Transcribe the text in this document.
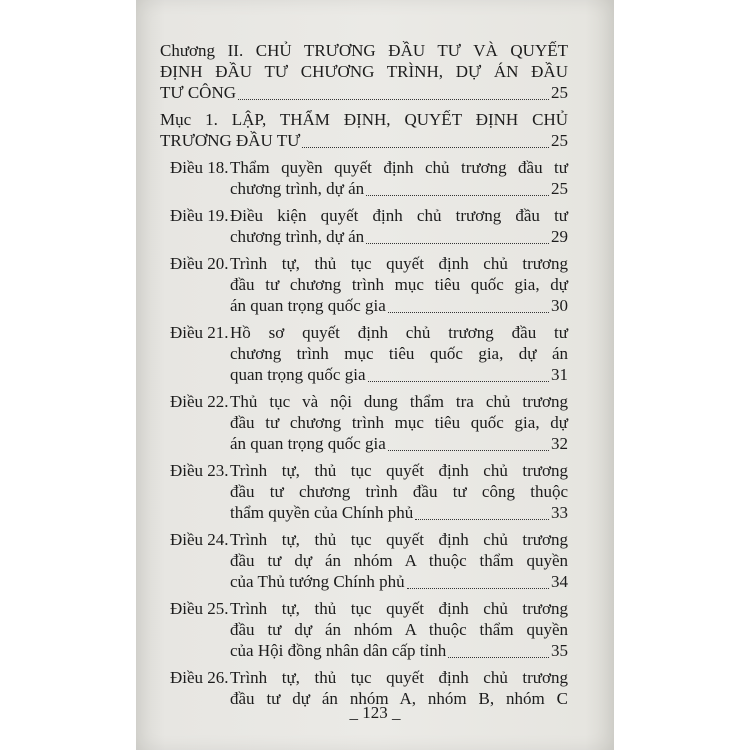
Chương II. CHỦ TRƯƠNG ĐẦU TƯ VÀ QUYẾT
ĐỊNH ĐẦU TƯ CHƯƠNG TRÌNH, DỰ ÁN ĐẦU
TƯ CÔNG	25
Mục 1. LẬP, THẨM ĐỊNH, QUYẾT ĐỊNH CHỦ
TRƯƠNG ĐẦU TƯ	25
Điều 18. Thẩm quyền quyết định chủ trương đầu tư
chương trình, dự án	25
Điều 19. Điều kiện quyết định chủ trương đầu tư
chương trình, dự án	29
Điều 20. Trình tự, thủ tục quyết định chủ trương
đầu tư chương trình mục tiêu quốc gia, dự
án quan trọng quốc gia	30
Điều 21. Hồ sơ quyết định chủ trương đầu tư
chương trình mục tiêu quốc gia, dự án
quan trọng quốc gia	31
Điều 22. Thủ tục và nội dung thẩm tra chủ trương
đầu tư chương trình mục tiêu quốc gia, dự
án quan trọng quốc gia	32
Điều 23. Trình tự, thủ tục quyết định chủ trương
đầu tư chương trình đầu tư công thuộc
thẩm quyền của Chính phủ	33
Điều 24. Trình tự, thủ tục quyết định chủ trương
đầu tư dự án nhóm A thuộc thẩm quyền
của Thủ tướng Chính phủ	34
Điều 25. Trình tự, thủ tục quyết định chủ trương
đầu tư dự án nhóm A thuộc thẩm quyền
của Hội đồng nhân dân cấp tỉnh	35
Điều 26. Trình tự, thủ tục quyết định chủ trương
đầu tư dự án nhóm A, nhóm B, nhóm C
_ 123 _
